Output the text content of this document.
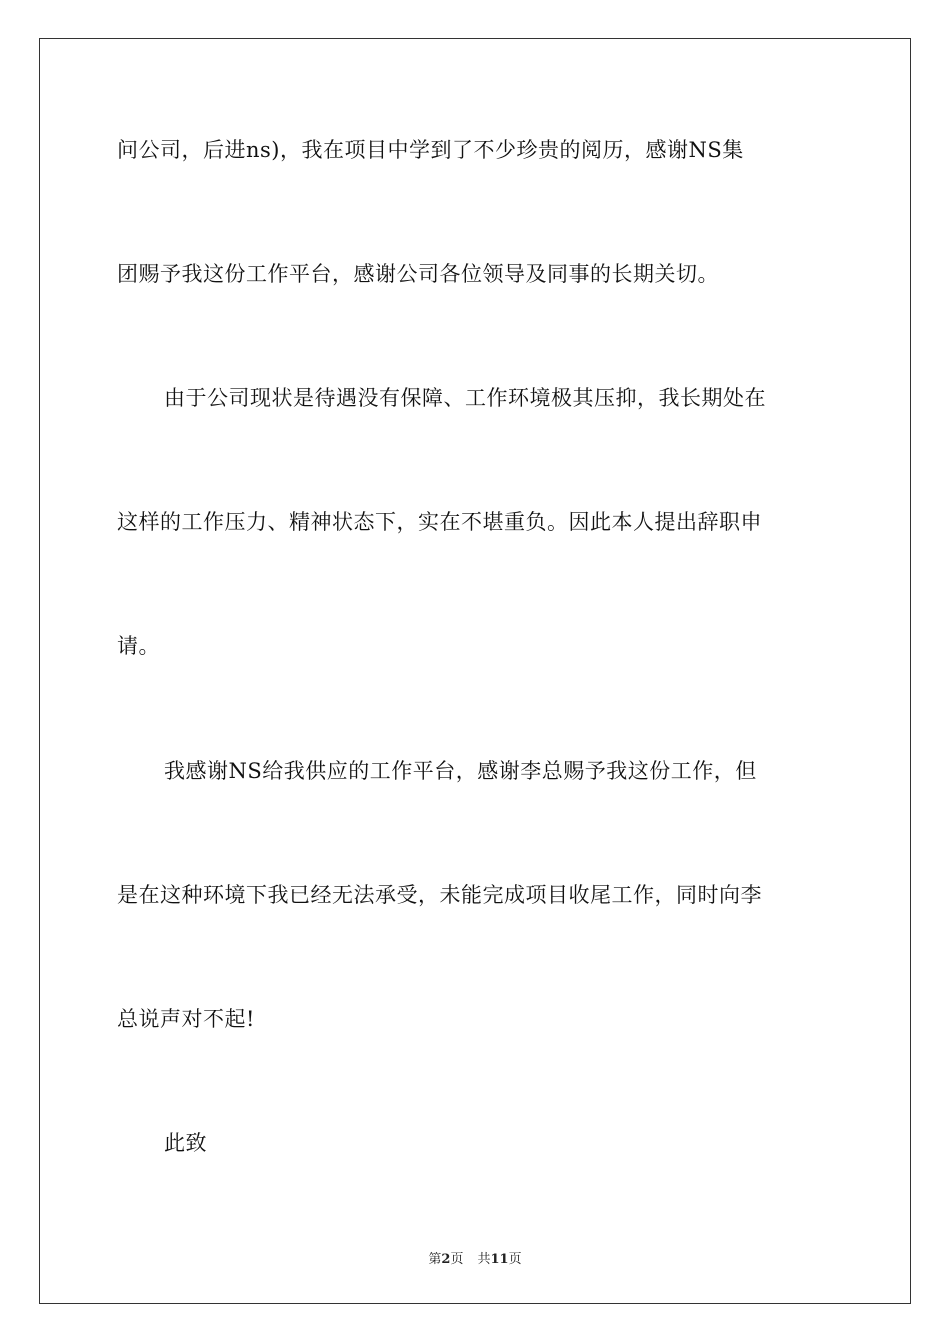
问公司，后进ns)，我在项目中学到了不少珍贵的阅历，感谢NS集
团赐予我这份工作平台，感谢公司各位领导及同事的长期关切。
由于公司现状是待遇没有保障、工作环境极其压抑，我长期处在
这样的工作压力、精神状态下，实在不堪重负。因此本人提出辞职申
请。
我感谢NS给我供应的工作平台，感谢李总赐予我这份工作，但
是在这种环境下我已经无法承受，未能完成项目收尾工作，同时向李
总说声对不起!
此致
第2页 共11页
